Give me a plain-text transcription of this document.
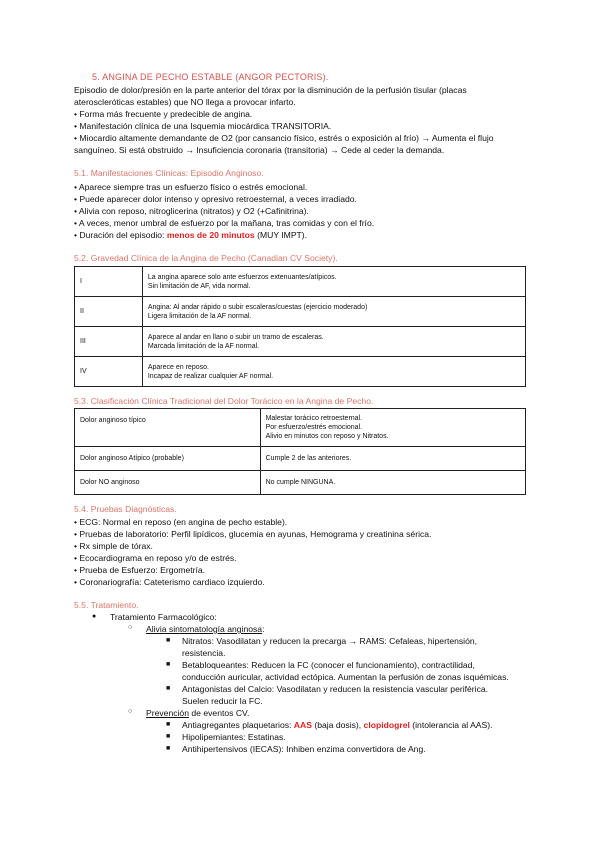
5. ANGINA DE PECHO ESTABLE (ANGOR PECTORIS).
Episodio de dolor/presión en la parte anterior del tórax por la disminución de la perfusión tisular (placas
ateroscleróticas estables) que NO llega a provocar infarto.
• Forma más frecuente y predecible de angina.
• Manifestación clínica de una Isquemia miocárdica TRANSITORIA.
• Miocardio altamente demandante de O2 (por cansancio físico, estrés o exposición al frío) → Aumenta el flujo
sanguíneo. Si está obstruido → Insuficiencia coronaria (transitoria) → Cede al ceder la demanda.
5.1. Manifestaciones Clínicas: Episodio Anginoso.
• Aparece siempre tras un esfuerzo físico o estrés emocional.
• Puede aparecer dolor intenso y opresivo retroesternal, a veces irradiado.
• Alivia con reposo, nitroglicerina (nitratos) y O2 (+Cafinitrina).
• A veces, menor umbral de esfuerzo por la mañana, tras comidas y con el frío.
• Duración del episodio: menos de 20 minutos (MUY IMPT).
5.2. Gravedad Clínica de la Angina de Pecho (Canadian CV Society).
I	La angina aparece solo ante esfuerzos extenuantes/atípicos.
Sin limitación de AF, vida normal.

II	Angina: Al andar rápido o subir escaleras/cuestas (ejercicio moderado)
Ligera limitación de la AF normal.

III	Aparece al andar en llano o subir un tramo de escaleras.
Marcada limitación de la AF normal.

IV	Aparece en reposo.
Incapaz de realizar cualquier AF normal.
5.3. Clasificación Clínica Tradicional del Dolor Torácico en la Angina de Pecho.
Dolor anginoso típico	Malestar torácico retroesternal.
Por esfuerzo/estrés emocional.
Alivio en minutos con reposo y Nitratos.

Dolor anginoso Atípico (probable)	Cumple 2 de las anteriores.
Dolor NO anginoso	No cumple NINGUNA.
5.4. Pruebas Diagnósticas.
• ECG: Normal en reposo (en angina de pecho estable).
• Pruebas de laboratorio: Perfil lipídicos, glucemia en ayunas, Hemograma y creatinina sérica.
• Rx simple de tórax.
• Ecocardiograma en reposo y/o de estrés.
• Prueba de Esfuerzo: Ergometría.
• Coronariografía: Cateterismo cardiaco izquierdo.
5.5. Tratamiento.
● Tratamiento Farmacológico:
○ Alivia sintomatología anginosa:
■ Nitratos: Vasodilatan y reducen la precarga → RAMS: Cefaleas, hipertensión,
resistencia.
■ Betabloqueantes: Reducen la FC (conocer el funcionamiento), contractilidad,
conducción auricular, actividad ectópica. Aumentan la perfusión de zonas isquémicas.
■ Antagonistas del Calcio: Vasodilatan y reducen la resistencia vascular periférica.
Suelen reducir la FC.
○ Prevención de eventos CV.
■ Antiagregantes plaquetarios: AAS (baja dosis), clopidogrel (intolerancia al AAS).
■ Hipolipemiantes: Estatinas.
■ Antihipertensivos (IECAS): Inhiben enzima convertidora de Ang.
